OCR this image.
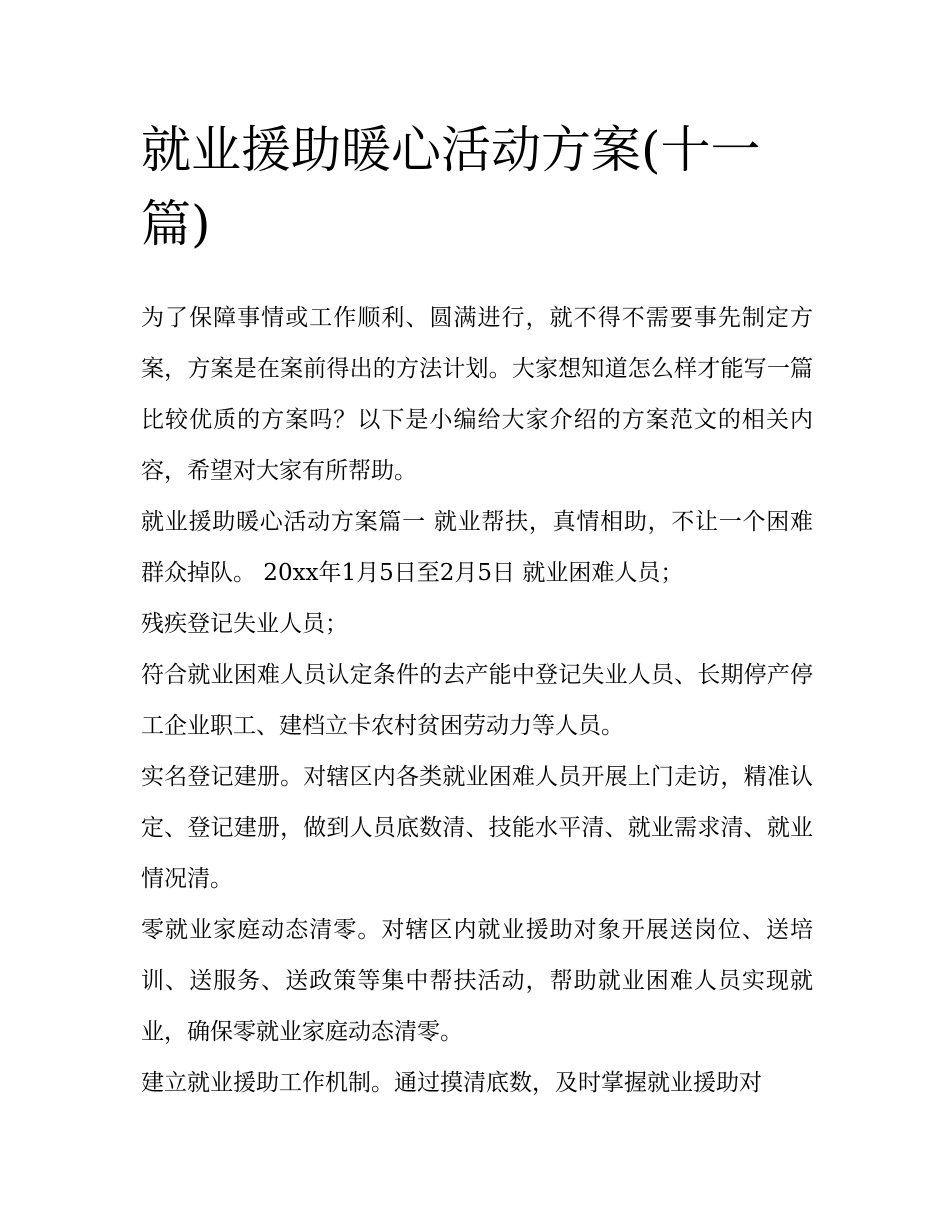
就业援助暖心活动方案(十一篇)

为了保障事情或工作顺利、圆满进行，就不得不需要事先制定方案，方案是在案前得出的方法计划。大家想知道怎么样才能写一篇比较优质的方案吗？以下是小编给大家介绍的方案范文的相关内容，希望对大家有所帮助。

就业援助暖心活动方案篇一 就业帮扶，真情相助，不让一个困难群众掉队。 20xx年1月5日至2月5日 就业困难人员；

残疾登记失业人员；

符合就业困难人员认定条件的去产能中登记失业人员、长期停产停工企业职工、建档立卡农村贫困劳动力等人员。

实名登记建册。对辖区内各类就业困难人员开展上门走访，精准认定、登记建册，做到人员底数清、技能水平清、就业需求清、就业情况清。

零就业家庭动态清零。对辖区内就业援助对象开展送岗位、送培训、送服务、送政策等集中帮扶活动，帮助就业困难人员实现就业，确保零就业家庭动态清零。

建立就业援助工作机制。通过摸清底数，及时掌握就业援助对
